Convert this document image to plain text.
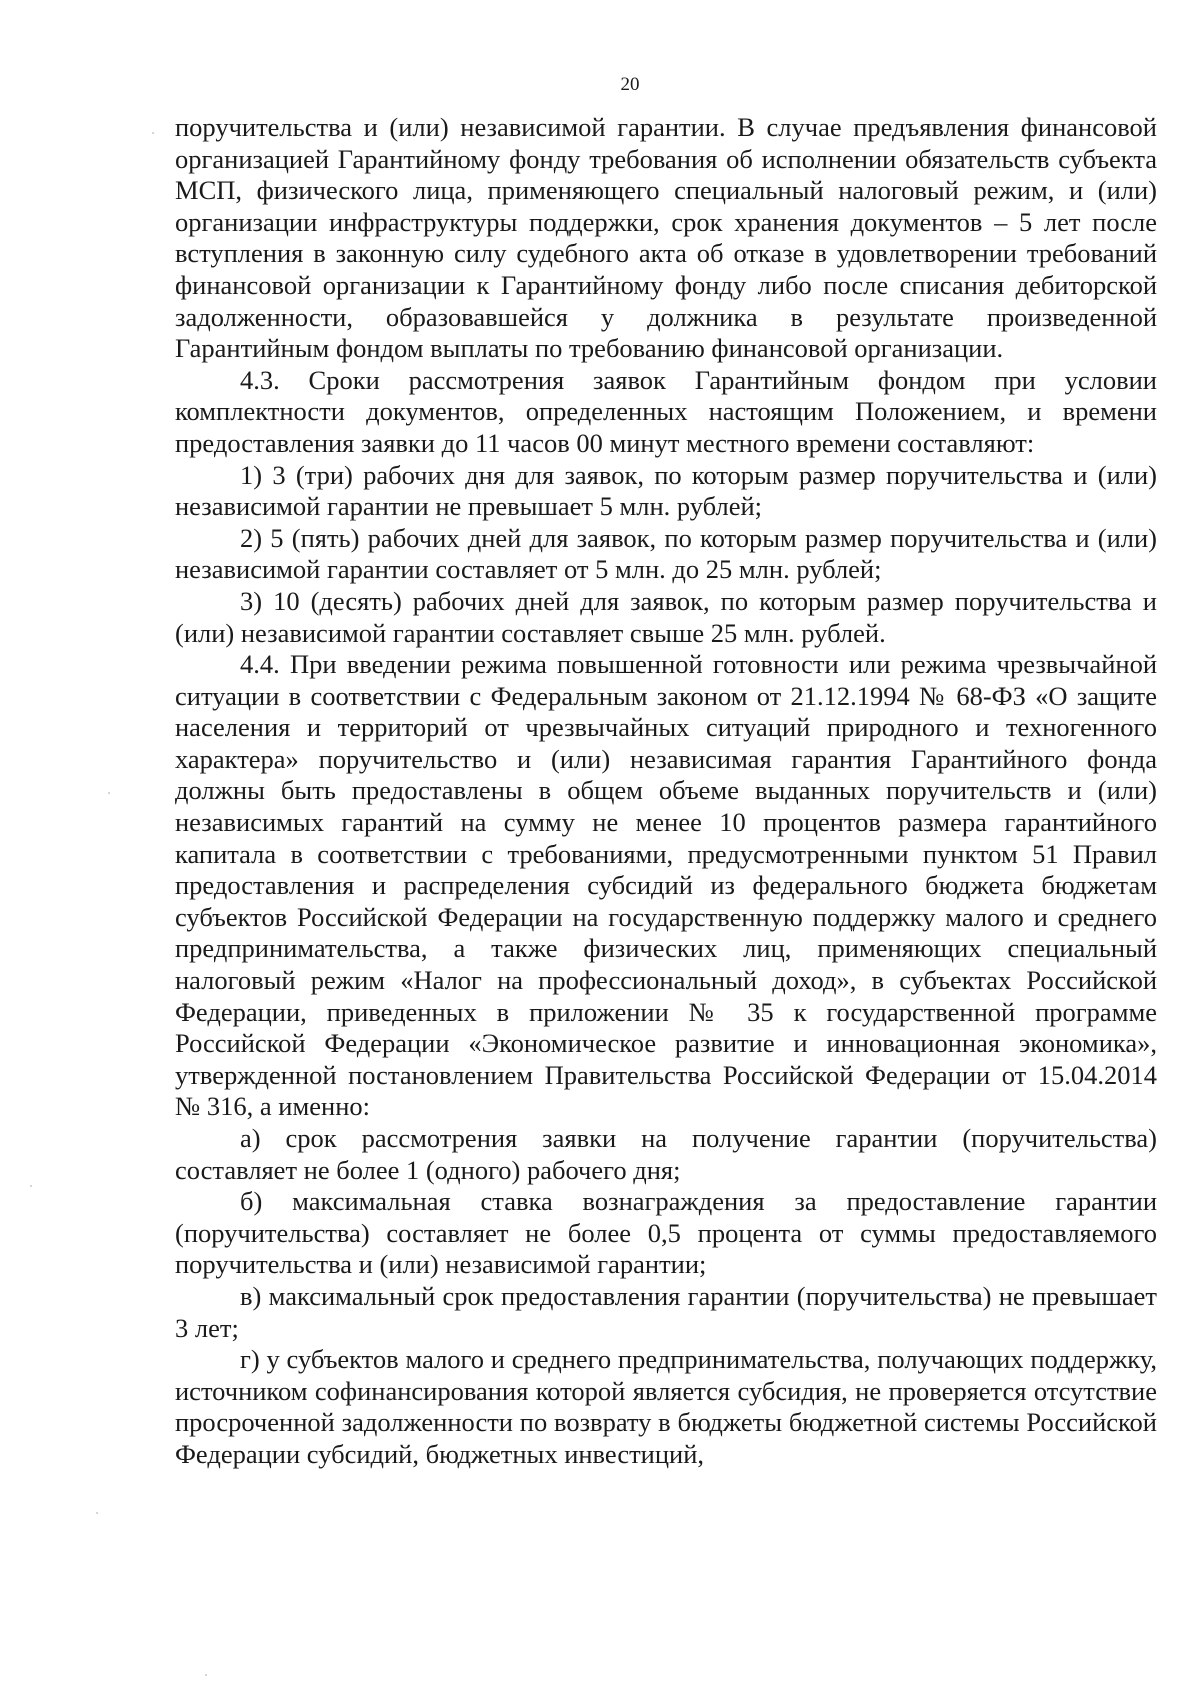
20

поручительства и (или) независимой гарантии. В случае предъявления финансовой организацией Гарантийному фонду требования об исполнении обязательств субъекта МСП, физического лица, применяющего специальный налоговый режим, и (или) организации инфраструктуры поддержки, срок хранения документов – 5 лет после вступления в законную силу судебного акта об отказе в удовлетворении требований финансовой организации к Гарантийному фонду либо после списания дебиторской задолженности, образовавшейся у должника в результате произведенной Гарантийным фондом выплаты по требованию финансовой организации.

4.3. Сроки рассмотрения заявок Гарантийным фондом при условии комплектности документов, определенных настоящим Положением, и времени предоставления заявки до 11 часов 00 минут местного времени составляют:

1) 3 (три) рабочих дня для заявок, по которым размер поручительства и (или) независимой гарантии не превышает 5 млн. рублей;

2) 5 (пять) рабочих дней для заявок, по которым размер поручительства и (или) независимой гарантии составляет от 5 млн. до 25 млн. рублей;

3) 10 (десять) рабочих дней для заявок, по которым размер поручительства и (или) независимой гарантии составляет свыше 25 млн. рублей.

4.4. При введении режима повышенной готовности или режима чрезвычайной ситуации в соответствии с Федеральным законом от 21.12.1994 № 68-ФЗ «О защите населения и территорий от чрезвычайных ситуаций природного и техногенного характера» поручительство и (или) независимая гарантия Гарантийного фонда должны быть предоставлены в общем объеме выданных поручительств и (или) независимых гарантий на сумму не менее 10 процентов размера гарантийного капитала в соответствии с требованиями, предусмотренными пунктом 51 Правил предоставления и распределения субсидий из федерального бюджета бюджетам субъектов Российской Федерации на государственную поддержку малого и среднего предпринимательства, а также физических лиц, применяющих специальный налоговый режим «Налог на профессиональный доход», в субъектах Российской Федерации, приведенных в приложении № 35 к государственной программе Российской Федерации «Экономическое развитие и инновационная экономика», утвержденной постановлением Правительства Российской Федерации от 15.04.2014 № 316, а именно:

а) срок рассмотрения заявки на получение гарантии (поручительства) составляет не более 1 (одного) рабочего дня;

б) максимальная ставка вознаграждения за предоставление гарантии (поручительства) составляет не более 0,5 процента от суммы предоставляемого поручительства и (или) независимой гарантии;

в) максимальный срок предоставления гарантии (поручительства) не превышает 3 лет;

г) у субъектов малого и среднего предпринимательства, получающих поддержку, источником софинансирования которой является субсидия, не проверяется отсутствие просроченной задолженности по возврату в бюджеты бюджетной системы Российской Федерации субсидий, бюджетных инвестиций,
